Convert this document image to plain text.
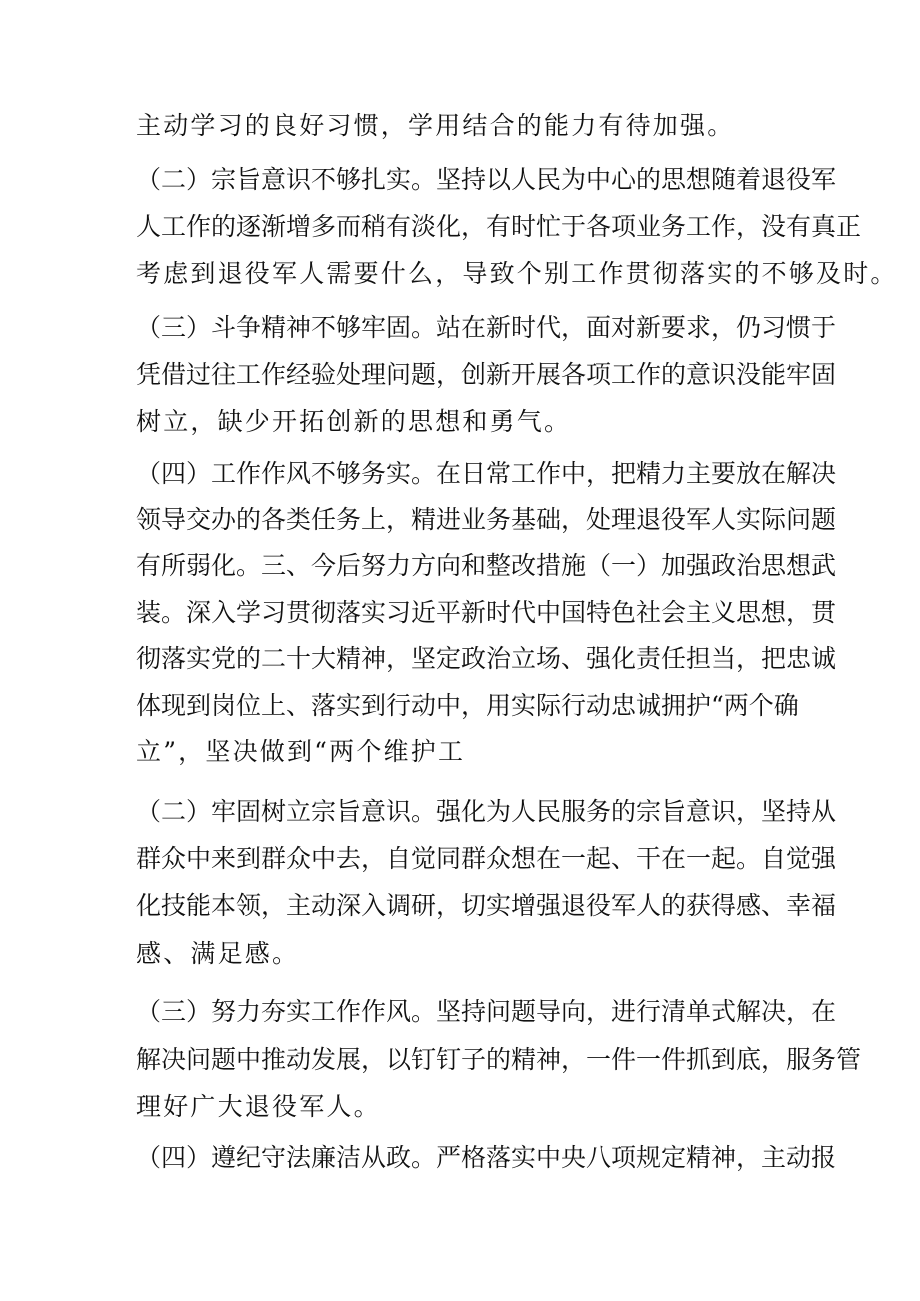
主动学习的良好习惯，学用结合的能力有待加强。
（二）宗旨意识不够扎实。坚持以人民为中心的思想随着退役军
人工作的逐渐增多而稍有淡化，有时忙于各项业务工作，没有真正
考虑到退役军人需要什么，导致个别工作贯彻落实的不够及时。
（三）斗争精神不够牢固。站在新时代，面对新要求，仍习惯于
凭借过往工作经验处理问题，创新开展各项工作的意识没能牢固
树立，缺少开拓创新的思想和勇气。
（四）工作作风不够务实。在日常工作中，把精力主要放在解决
领导交办的各类任务上，精进业务基础，处理退役军人实际问题
有所弱化。三、今后努力方向和整改措施（一）加强政治思想武
装。深入学习贯彻落实习近平新时代中国特色社会主义思想，贯
彻落实党的二十大精神，坚定政治立场、强化责任担当，把忠诚
体现到岗位上、落实到行动中，用实际行动忠诚拥护“两个确
立”，坚决做到“两个维护工
（二）牢固树立宗旨意识。强化为人民服务的宗旨意识，坚持从
群众中来到群众中去，自觉同群众想在一起、干在一起。自觉强
化技能本领，主动深入调研，切实增强退役军人的获得感、幸福
感、满足感。
（三）努力夯实工作作风。坚持问题导向，进行清单式解决，在
解决问题中推动发展，以钉钉子的精神，一件一件抓到底，服务管
理好广大退役军人。
（四）遵纪守法廉洁从政。严格落实中央八项规定精神，主动报
